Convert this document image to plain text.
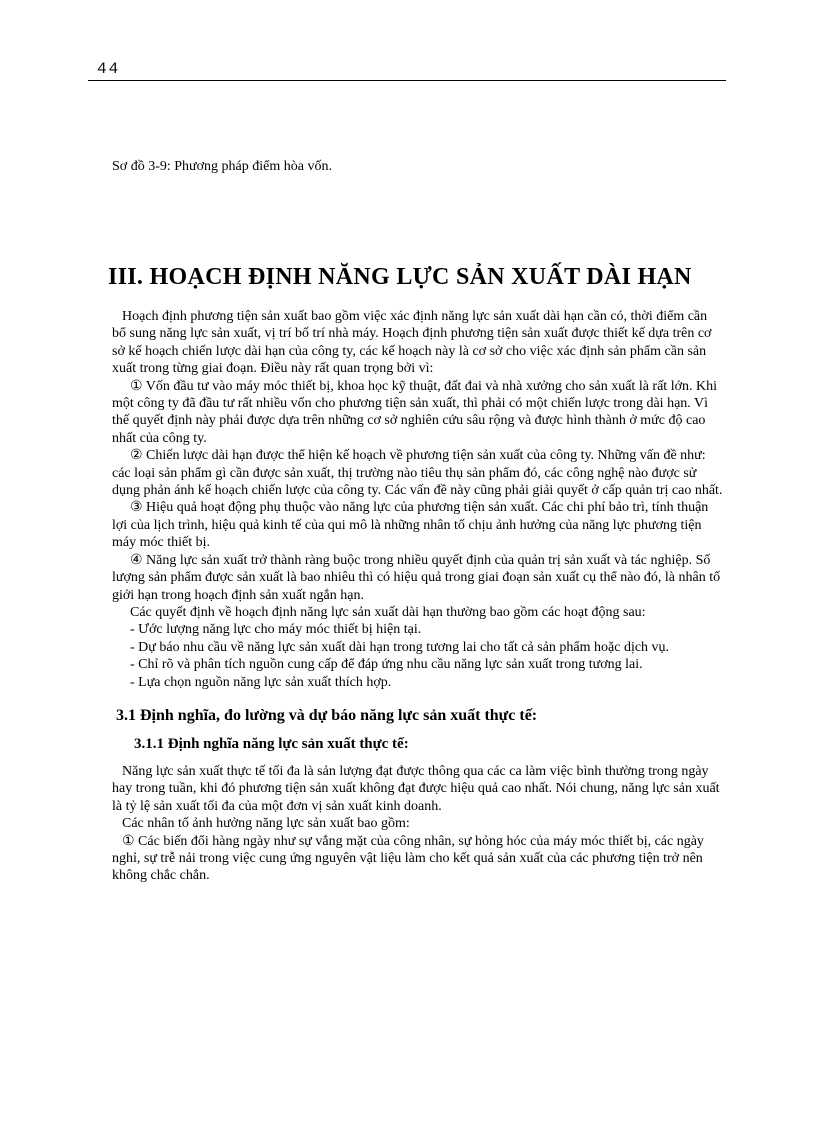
44

Sơ đồ 3-9: Phương pháp điểm hòa vốn.

III. HOẠCH ĐỊNH NĂNG LỰC SẢN XUẤT DÀI HẠN

Hoạch định phương tiện sản xuất bao gồm việc xác định năng lực sản xuất dài hạn cần có, thời điểm cần bổ sung năng lực sản xuất, vị trí bố trí nhà máy. Hoạch định phương tiện sản xuất được thiết kế dựa trên cơ sở kế hoạch chiến lược dài hạn của công ty, các kế hoạch này là cơ sở cho việc xác định sản phẩm cần sản xuất trong từng giai đoạn. Điều này rất quan trọng bởi vì:

① Vốn đầu tư vào máy móc thiết bị, khoa học kỹ thuật, đất đai và nhà xưởng cho sản xuất là rất lớn. Khi một công ty đã đầu tư rất nhiều vốn cho phương tiện sản xuất, thì phải có một chiến lược trong dài hạn. Vì thế quyết định này phải được dựa trên những cơ sở nghiên cứu sâu rộng và được hình thành ở mức độ cao nhất của công ty.

② Chiến lược dài hạn được thể hiện kế hoạch về phương tiện sản xuất của công ty. Những vấn đề như: các loại sản phẩm gì cần được sản xuất, thị trường nào tiêu thụ sản phẩm đó, các công nghệ nào được sử dụng phản ánh kế hoạch chiến lược của công ty. Các vấn đề này cũng phải giải quyết ở cấp quản trị cao nhất.

③ Hiệu quả hoạt động phụ thuộc vào năng lực của phương tiện sản xuất. Các chi phí bảo trì, tính thuận lợi của lịch trình, hiệu quả kinh tế của qui mô là những nhân tố chịu ảnh hưởng của năng lực phương tiện máy móc thiết bị.

④ Năng lực sản xuất trở thành ràng buộc trong nhiều quyết định của quản trị sản xuất và tác nghiệp. Số lượng sản phẩm được sản xuất là bao nhiêu thì có hiệu quả trong giai đoạn sản xuất cụ thể nào đó, là nhân tố giới hạn trong hoạch định sản xuất ngắn hạn.

Các quyết định về hoạch định năng lực sản xuất dài hạn thường bao gồm các hoạt động sau:

- Ước lượng năng lực cho máy móc thiết bị hiện tại.

- Dự báo nhu cầu về năng lực sản xuất dài hạn trong tương lai cho tất cả sản phẩm hoặc dịch vụ.

- Chỉ rõ và phân tích nguồn cung cấp để đáp ứng nhu cầu năng lực sản xuất trong tương lai.

- Lựa chọn nguồn năng lực sản xuất thích hợp.

3.1 Định nghĩa, đo lường và dự báo năng lực sản xuất thực tế:
3.1.1 Định nghĩa năng lực sản xuất thực tế:

Năng lực sản xuất thực tế tối đa là sản lượng đạt được thông qua các ca làm việc bình thường trong ngày hay trong tuần, khi đó phương tiện sản xuất không đạt được hiệu quả cao nhất. Nói chung, năng lực sản xuất là tỷ lệ sản xuất tối đa của một đơn vị sản xuất kinh doanh.

Các nhân tố ảnh hưởng năng lực sản xuất bao gồm:

① Các biến đổi hàng ngày như sự vắng mặt của công nhân, sự hỏng hóc của máy móc thiết bị, các ngày nghỉ, sự trễ nải trong việc cung ứng nguyên vật liệu làm cho kết quả sản xuất của các phương tiện trở nên không chắc chắn.
